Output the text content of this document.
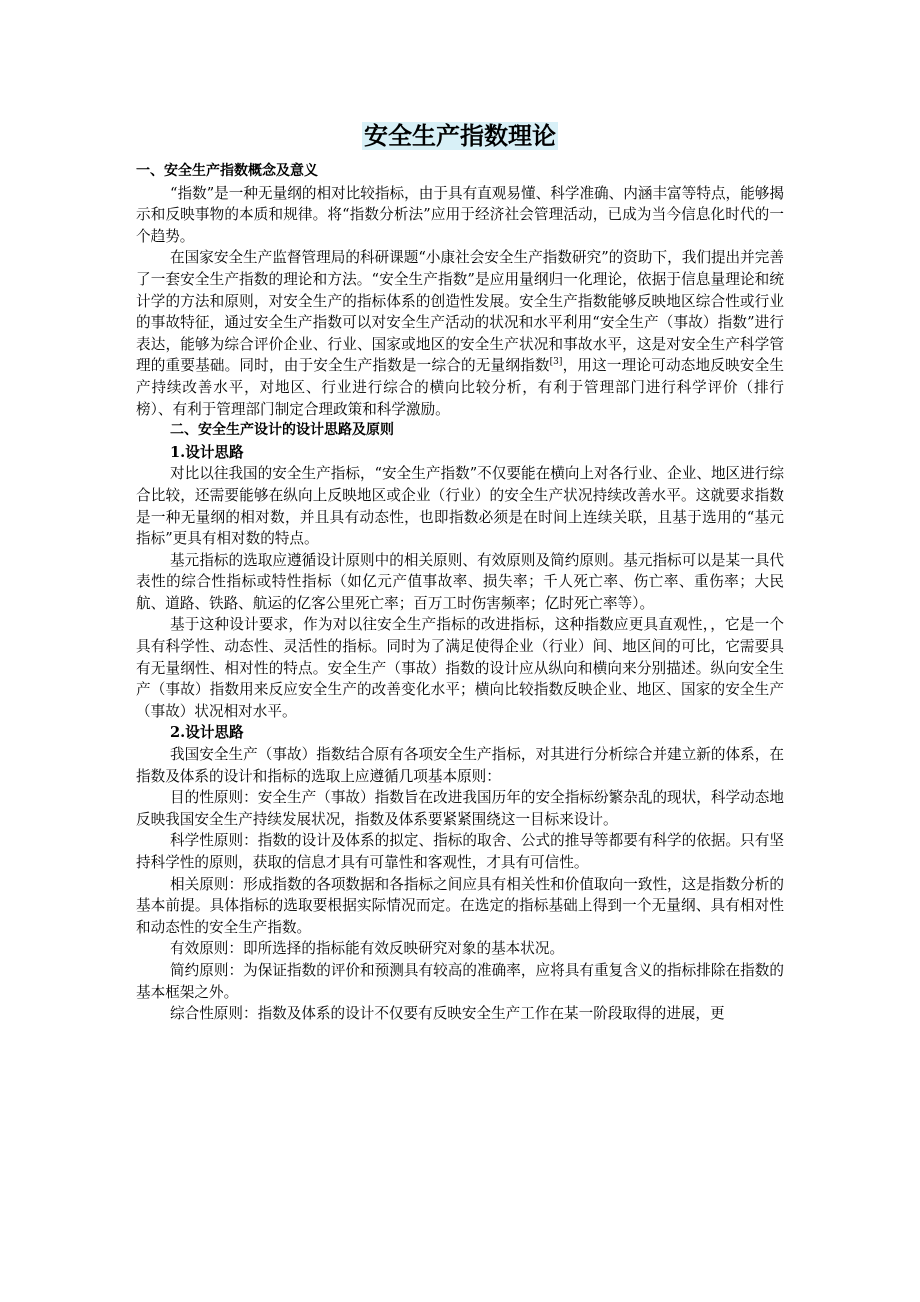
安全生产指数理论

一、安全生产指数概念及意义

“指数”是一种无量纲的相对比较指标，由于具有直观易懂、科学准确、内涵丰富等特点，能够揭示和反映事物的本质和规律。将“指数分析法”应用于经济社会管理活动，已成为当今信息化时代的一个趋势。

在国家安全生产监督管理局的科研课题“小康社会安全生产指数研究”的资助下，我们提出并完善了一套安全生产指数的理论和方法。“安全生产指数”是应用量纲归一化理论，依据于信息量理论和统计学的方法和原则，对安全生产的指标体系的创造性发展。安全生产指数能够反映地区综合性或行业的事故特征，通过安全生产指数可以对安全生产活动的状况和水平利用“安全生产（事故）指数”进行表达，能够为综合评价企业、行业、国家或地区的安全生产状况和事故水平，这是对安全生产科学管理的重要基础。同时，由于安全生产指数是一综合的无量纲指数[3]，用这一理论可动态地反映安全生产持续改善水平，对地区、行业进行综合的横向比较分析，有利于管理部门进行科学评价（排行榜）、有利于管理部门制定合理政策和科学激励。

二、安全生产设计的设计思路及原则

1.设计思路

对比以往我国的安全生产指标，“安全生产指数”不仅要能在横向上对各行业、企业、地区进行综合比较，还需要能够在纵向上反映地区或企业（行业）的安全生产状况持续改善水平。这就要求指数是一种无量纲的相对数，并且具有动态性，也即指数必须是在时间上连续关联，且基于选用的“基元指标”更具有相对数的特点。

基元指标的选取应遵循设计原则中的相关原则、有效原则及简约原则。基元指标可以是某一具代表性的综合性指标或特性指标（如亿元产值事故率、损失率；千人死亡率、伤亡率、重伤率；大民航、道路、铁路、航运的亿客公里死亡率；百万工时伤害频率；亿时死亡率等）。

基于这种设计要求，作为对以往安全生产指标的改进指标，这种指数应更具直观性，，它是一个具有科学性、动态性、灵活性的指标。同时为了满足使得企业（行业）间、地区间的可比，它需要具有无量纲性、相对性的特点。安全生产（事故）指数的设计应从纵向和横向来分别描述。纵向安全生产（事故）指数用来反应安全生产的改善变化水平；横向比较指数反映企业、地区、国家的安全生产（事故）状况相对水平。

2.设计思路

我国安全生产（事故）指数结合原有各项安全生产指标，对其进行分析综合并建立新的体系，在指数及体系的设计和指标的选取上应遵循几项基本原则：

目的性原则：安全生产（事故）指数旨在改进我国历年的安全指标纷繁杂乱的现状，科学动态地反映我国安全生产持续发展状况，指数及体系要紧紧围绕这一目标来设计。

科学性原则：指数的设计及体系的拟定、指标的取舍、公式的推导等都要有科学的依据。只有坚持科学性的原则，获取的信息才具有可靠性和客观性，才具有可信性。

相关原则：形成指数的各项数据和各指标之间应具有相关性和价值取向一致性，这是指数分析的基本前提。具体指标的选取要根据实际情况而定。在选定的指标基础上得到一个无量纲、具有相对性和动态性的安全生产指数。

有效原则：即所选择的指标能有效反映研究对象的基本状况。

简约原则：为保证指数的评价和预测具有较高的准确率，应将具有重复含义的指标排除在指数的基本框架之外。

综合性原则：指数及体系的设计不仅要有反映安全生产工作在某一阶段取得的进展，更
